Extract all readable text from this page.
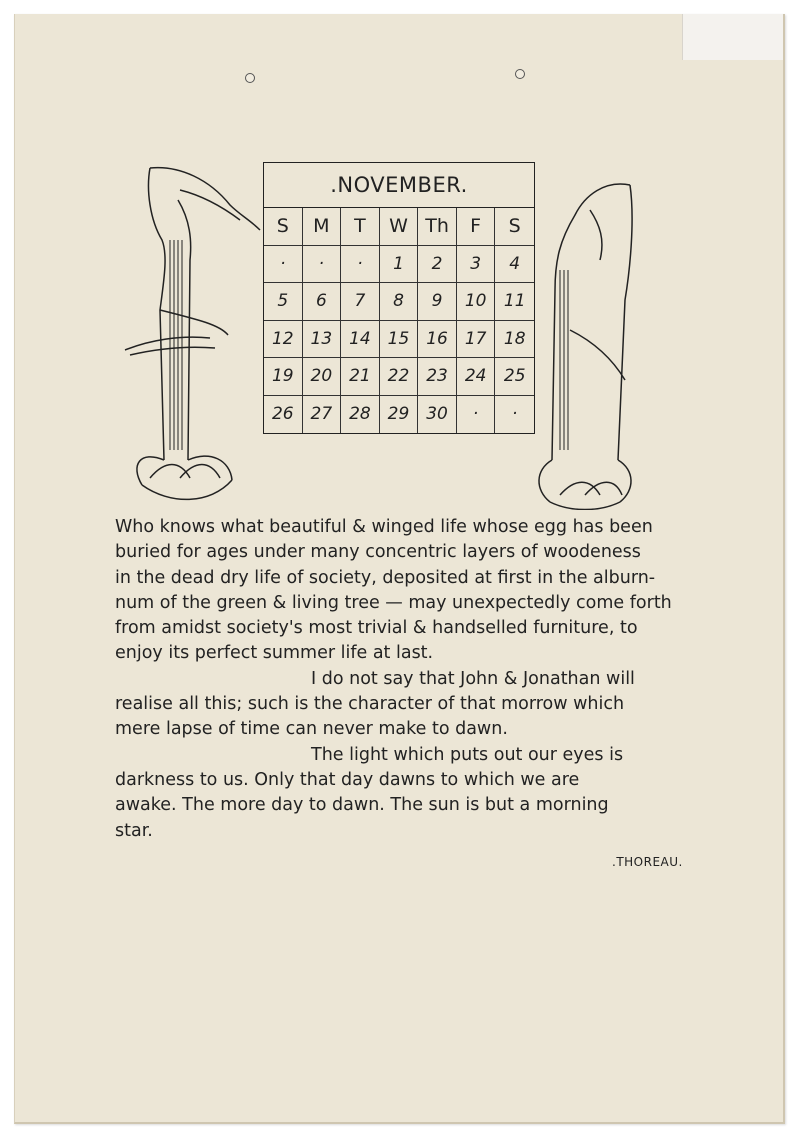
.NOVEMBER.
S	M	T	W Th	F	S
·	·	·	1	2	3	4
5	6	7	8	9	10	11
12 13 14 15 16 17	18
19 20 21 22 23 24	25
26 27 28 29 30	·	·

Who knows what beautiful & winged life whose egg has been

buried for ages under many concentric layers of woodeness

in the dead dry life of society, deposited at first in the alburn-

num of the green & living tree — may unexpectedly come forth

from amidst society's most trivial & handselled furniture, to

enjoy its perfect summer life at last.

I do not say that John & Jonathan will

realise all this; such is the character of that morrow which

mere lapse of time can never make to dawn.

The light which puts out our eyes is

darkness to us. Only that day dawns to which we are

awake. The more day to dawn. The sun is but a morning

star.

.THOREAU.
